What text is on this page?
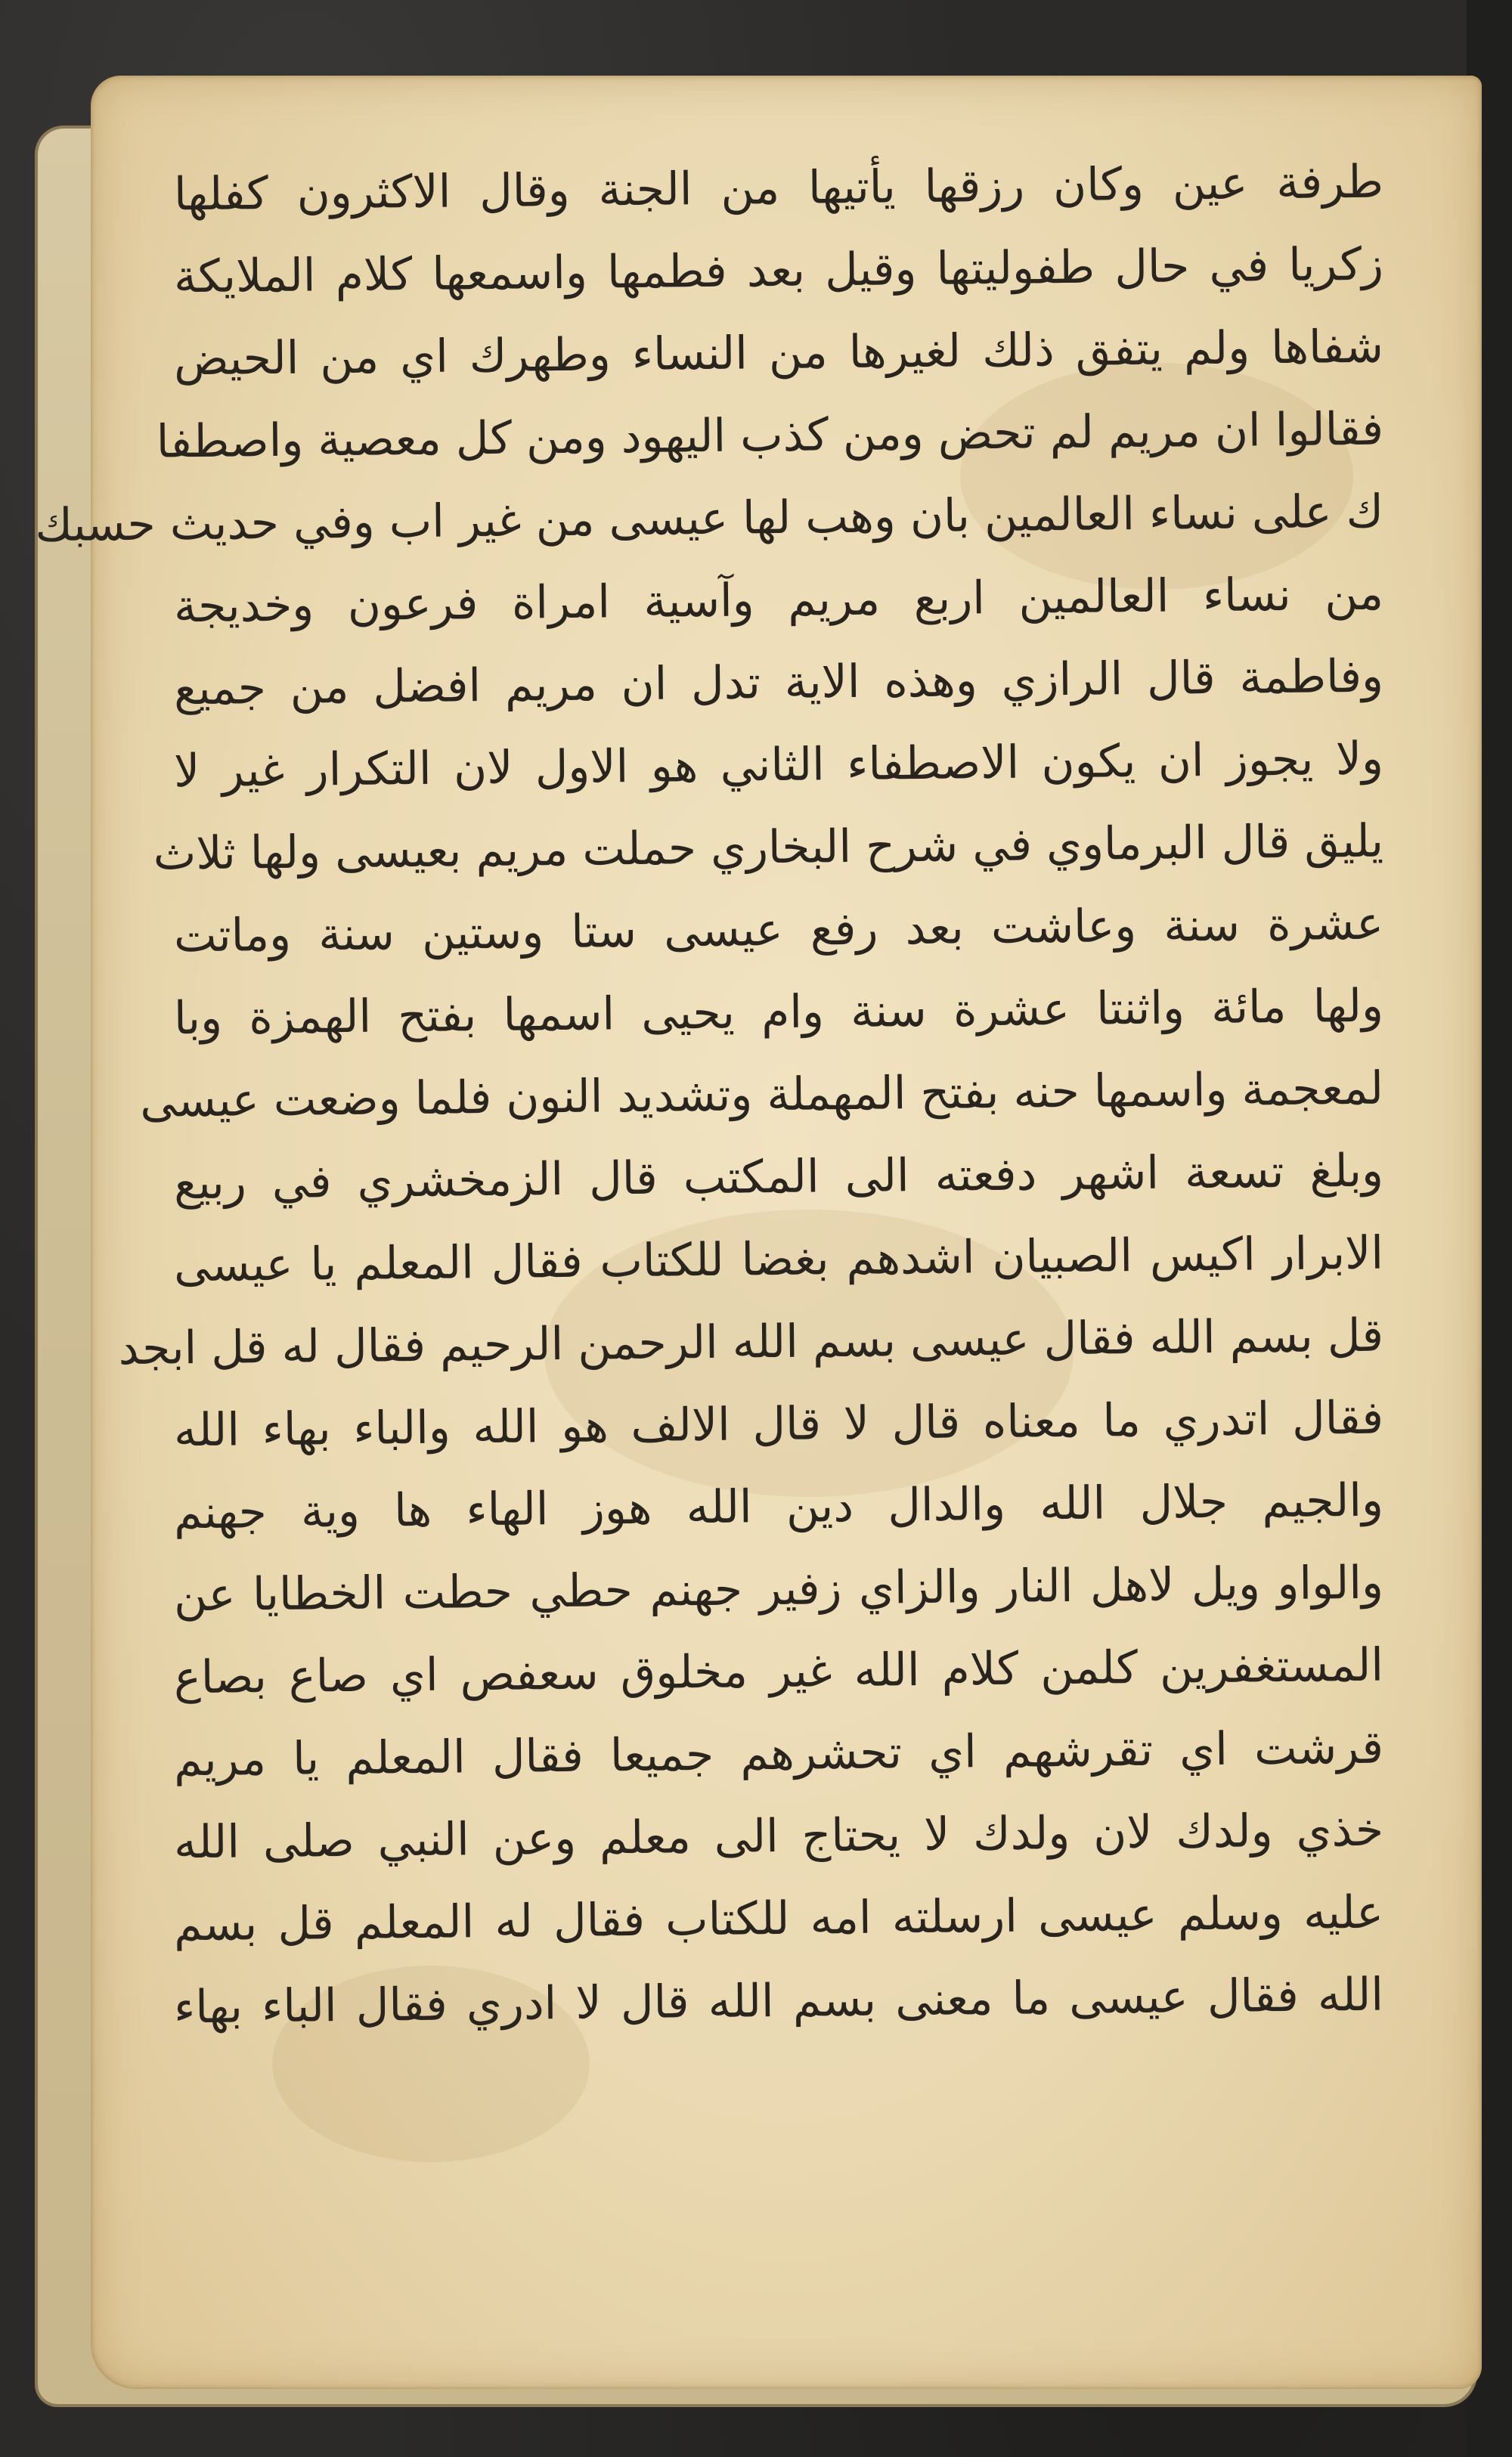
طرفة عين وكان رزقها يأتيها من الجنة وقال الاكثرون كفلها
زكريا في حال طفوليتها وقيل بعد فطمها واسمعها كلام الملايكة
شفاها ولم يتفق ذلك لغيرها من النساء وطهرك اي من الحيض
فقالوا ان مريم لم تحض ومن كذب اليهود ومن كل معصية واصطفا
ك على نساء العالمين بان وهب لها عيسى من غير اب وفي حديث حسبك
من نساء العالمين اربع مريم وآسية امراة فرعون وخديجة
وفاطمة قال الرازي وهذه الاية تدل ان مريم افضل من جميع
ولا يجوز ان يكون الاصطفاء الثاني هو الاول لان التكرار غير لا
يليق قال البرماوي في شرح البخاري حملت مريم بعيسى ولها ثلاث
عشرة سنة وعاشت بعد رفع عيسى ستا وستين سنة وماتت
ولها مائة واثنتا عشرة سنة وام يحيى اسمها بفتح الهمزة وبا
لمعجمة واسمها حنه بفتح المهملة وتشديد النون فلما وضعت عيسى
وبلغ تسعة اشهر دفعته الى المكتب قال الزمخشري في ربيع
الابرار اكيس الصبيان اشدهم بغضا للكتاب فقال المعلم يا عيسى
قل بسم الله فقال عيسى بسم الله الرحمن الرحيم فقال له قل ابجد
فقال اتدري ما معناه قال لا قال الالف هو الله والباء بهاء الله
والجيم جلال الله والدال دين الله هوز الهاء ها وية جهنم
والواو ويل لاهل النار والزاي زفير جهنم حطي حطت الخطايا عن
المستغفرين كلمن كلام الله غير مخلوق سعفص اي صاع بصاع
قرشت اي تقرشهم اي تحشرهم جميعا فقال المعلم يا مريم
خذي ولدك لان ولدك لا يحتاج الى معلم وعن النبي صلى الله
عليه وسلم عيسى ارسلته امه للكتاب فقال له المعلم قل بسم
الله فقال عيسى ما معنى بسم الله قال لا ادري فقال الباء بهاء
